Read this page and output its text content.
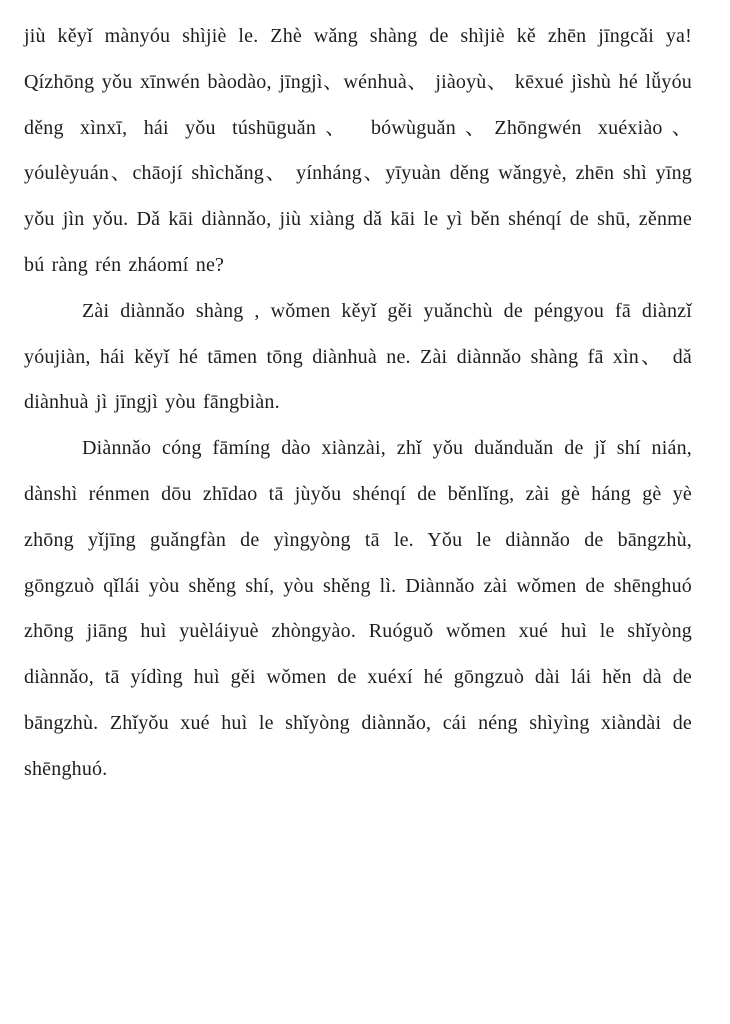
jiù kěyǐ mànyóu shìjiè le. Zhè wǎng shàng de shìjiè kě zhēn jīngcǎi ya! Qízhōng yǒu xīnwén bàodào, jīngjì、wénhuà、 jiàoyù、 kēxué jìshù hé lǚyóu děng xìnxī, hái yǒu túshūguǎn、 bówùguǎn、Zhōngwén xuéxiào、yóulèyuán、chāojí shìchǎng、 yínháng、yīyuàn děng wǎngyè, zhēn shì yīng yǒu jìn yǒu. Dǎ kāi diànnǎo, jiù xiàng dǎ kāi le yì běn shénqí de shū, zěnme bú ràng rén zháomí ne?

Zài diànnǎo shàng , wǒmen kěyǐ gěi yuǎnchù de péngyou fā diànzǐ yóujiàn, hái kěyǐ hé tāmen tōng diànhuà ne. Zài diànnǎo shàng fā xìn、 dǎ diànhuà jì jīngjì yòu fāngbiàn.

Diànnǎo cóng fāmíng dào xiànzài, zhǐ yǒu duǎnduǎn de jǐ shí nián, dànshì rénmen dōu zhīdao tā jùyǒu shénqí de běnlǐng, zài gè háng gè yè zhōng yǐjīng guǎngfàn de yìngyòng tā le. Yǒu le diànnǎo de bāngzhù, gōngzuò qǐlái yòu shěng shí, yòu shěng lì. Diànnǎo zài wǒmen de shēnghuó zhōng jiāng huì yuèláiyuè zhòngyào. Ruóguǒ wǒmen xué huì le shǐyòng diànnǎo, tā yídìng huì gěi wǒmen de xuéxí hé gōngzuò dài lái hěn dà de bāngzhù. Zhǐyǒu xué huì le shǐyòng diànnǎo, cái néng shìyìng xiàndài de shēnghuó.
